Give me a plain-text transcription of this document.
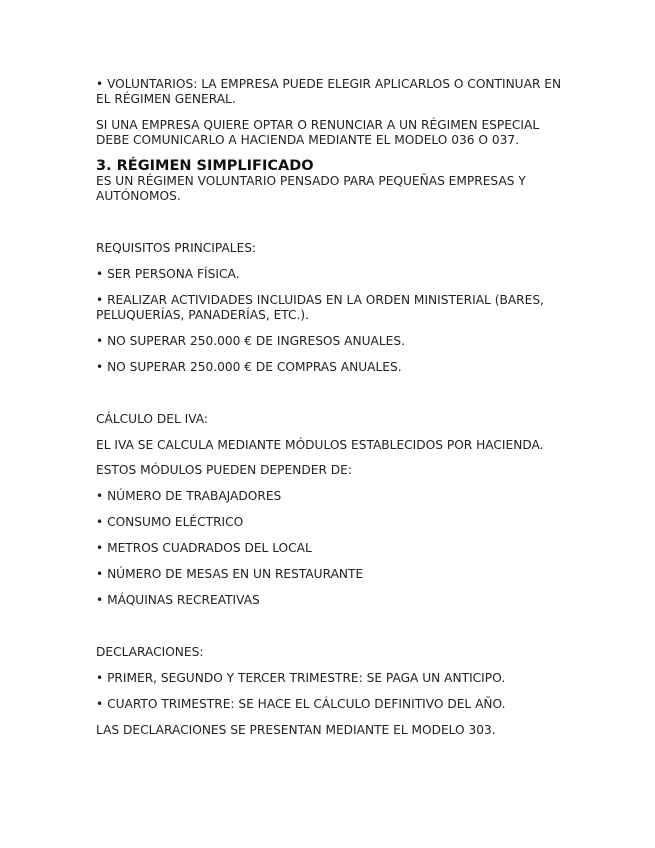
• VOLUNTARIOS: LA EMPRESA PUEDE ELEGIR APLICARLOS O CONTINUAR EN EL RÉGIMEN GENERAL.

SI UNA EMPRESA QUIERE OPTAR O RENUNCIAR A UN RÉGIMEN ESPECIAL DEBE COMUNICARLO A HACIENDA MEDIANTE EL MODELO 036 O 037.

3. RÉGIMEN SIMPLIFICADO

ES UN RÉGIMEN VOLUNTARIO PENSADO PARA PEQUEÑAS EMPRESAS Y AUTÓNOMOS.

REQUISITOS PRINCIPALES:

• SER PERSONA FÍSICA.

• REALIZAR ACTIVIDADES INCLUIDAS EN LA ORDEN MINISTERIAL (BARES, PELUQUERÍAS, PANADERÍAS, ETC.).

• NO SUPERAR 250.000 € DE INGRESOS ANUALES.

• NO SUPERAR 250.000 € DE COMPRAS ANUALES.

CÁLCULO DEL IVA:

EL IVA SE CALCULA MEDIANTE MÓDULOS ESTABLECIDOS POR HACIENDA.

ESTOS MÓDULOS PUEDEN DEPENDER DE:

• NÚMERO DE TRABAJADORES

• CONSUMO ELÉCTRICO

• METROS CUADRADOS DEL LOCAL

• NÚMERO DE MESAS EN UN RESTAURANTE

• MÁQUINAS RECREATIVAS

DECLARACIONES:

• PRIMER, SEGUNDO Y TERCER TRIMESTRE: SE PAGA UN ANTICIPO.

• CUARTO TRIMESTRE: SE HACE EL CÁLCULO DEFINITIVO DEL AÑO.

LAS DECLARACIONES SE PRESENTAN MEDIANTE EL MODELO 303.
